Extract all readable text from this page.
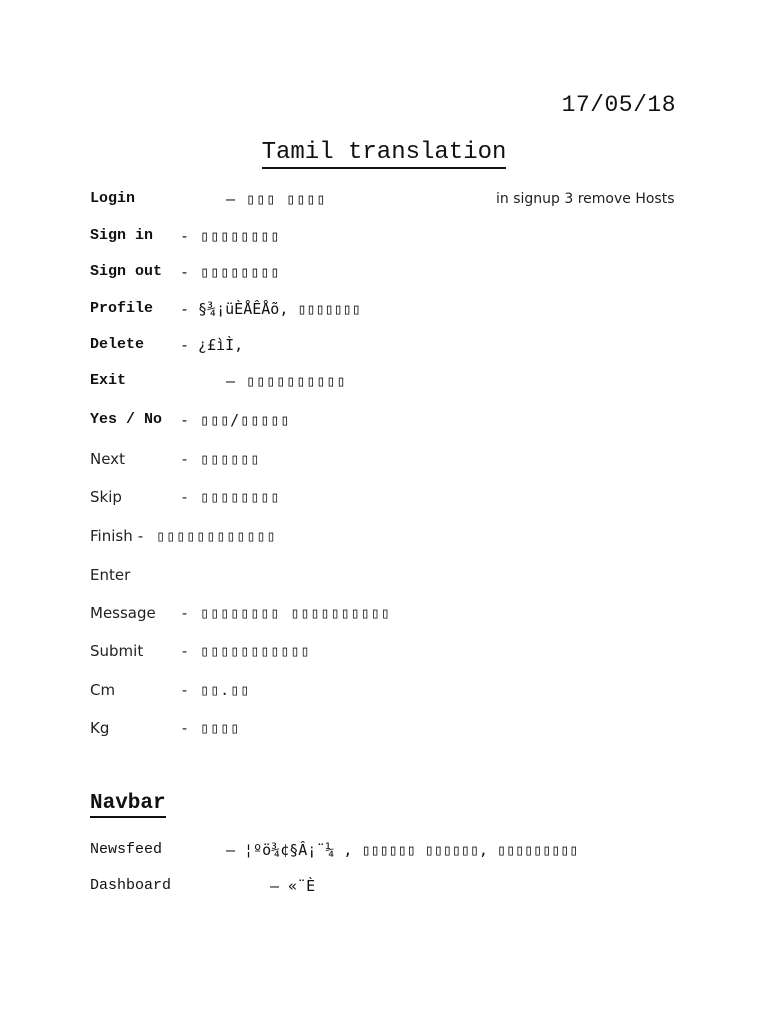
17/05/18
Tamil translation
Login	– ▯▯▯ ▯▯▯▯	in signup 3 remove Hosts
Sign in - ▯▯▯▯▯▯▯▯
Sign out - ▯▯▯▯▯▯▯▯
Profile - §¾¡üÈÅÊÅõ, ▯▯▯▯▯▯▯
Delete - ¿£ìÌ,
Exit	– ▯▯▯▯▯▯▯▯▯▯
Yes / No - ▯▯▯/▯▯▯▯▯
Next	- ▯▯▯▯▯▯
Skip	- ▯▯▯▯▯▯▯▯
Finish - ▯▯▯▯▯▯▯▯▯▯▯▯
Enter
Message - ▯▯▯▯▯▯▯▯ ▯▯▯▯▯▯▯▯▯▯
Submit - ▯▯▯▯▯▯▯▯▯▯▯
Cm	- ▯▯.▯▯
Kg	- ▯▯▯▯
Navbar
Newsfeed	– ¦ºö¾¢§Â¡¨¼ , ▯▯▯▯▯▯ ▯▯▯▯▯▯, ▯▯▯▯▯▯▯▯▯
Dashboard	– «¨È
